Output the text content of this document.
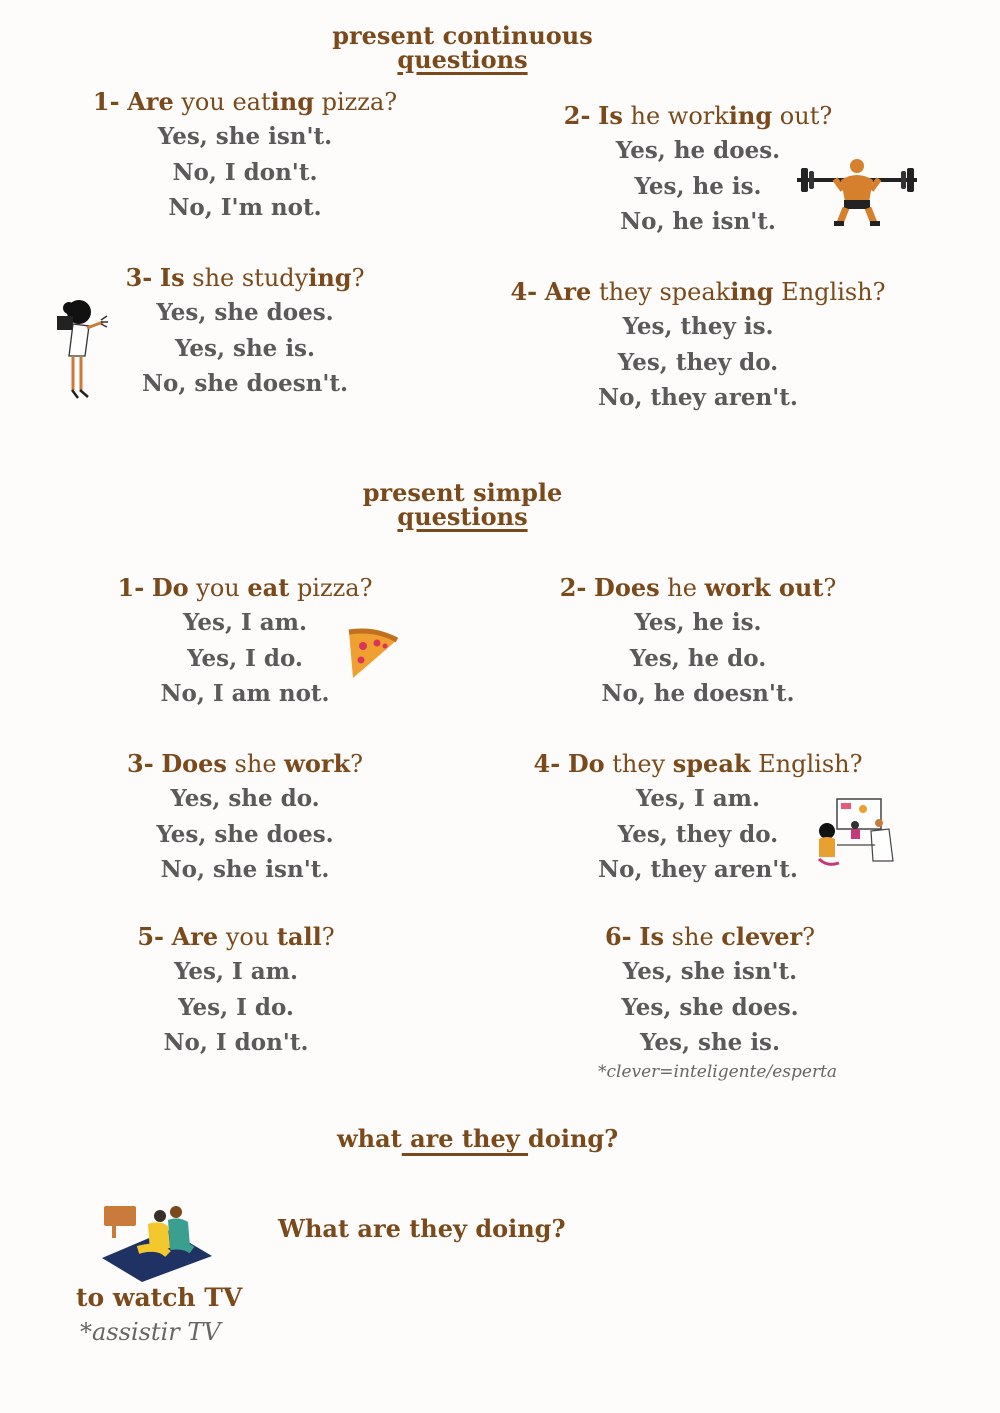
present continuous
questions
1- Are you eating pizza?
Yes, she isn't.
No, I don't.
No, I'm not.
2- Is he working out?
Yes, he does.
Yes, he is.
No, he isn't.
3- Is she studying?
Yes, she does.
Yes, she is.
No, she doesn't.
4- Are they speaking English?
Yes, they is.
Yes, they do.
No, they aren't.
present simple
questions
1- Do you eat pizza?
Yes, I am.
Yes, I do.
No, I am not.
2- Does he work out?
Yes, he is.
Yes, he do.
No, he doesn't.
3- Does she work?
Yes, she do.
Yes, she does.
No, she isn't.
4- Do they speak English?
Yes, I am.
Yes, they do.
No, they aren't.
5- Are you tall?
Yes, I am.
Yes, I do.
No, I don't.
6- Is she clever?
Yes, she isn't.
Yes, she does.
Yes, she is.
*clever=inteligente/esperta
what are they doing?
to watch TV
*assistir TV
What are they doing?
